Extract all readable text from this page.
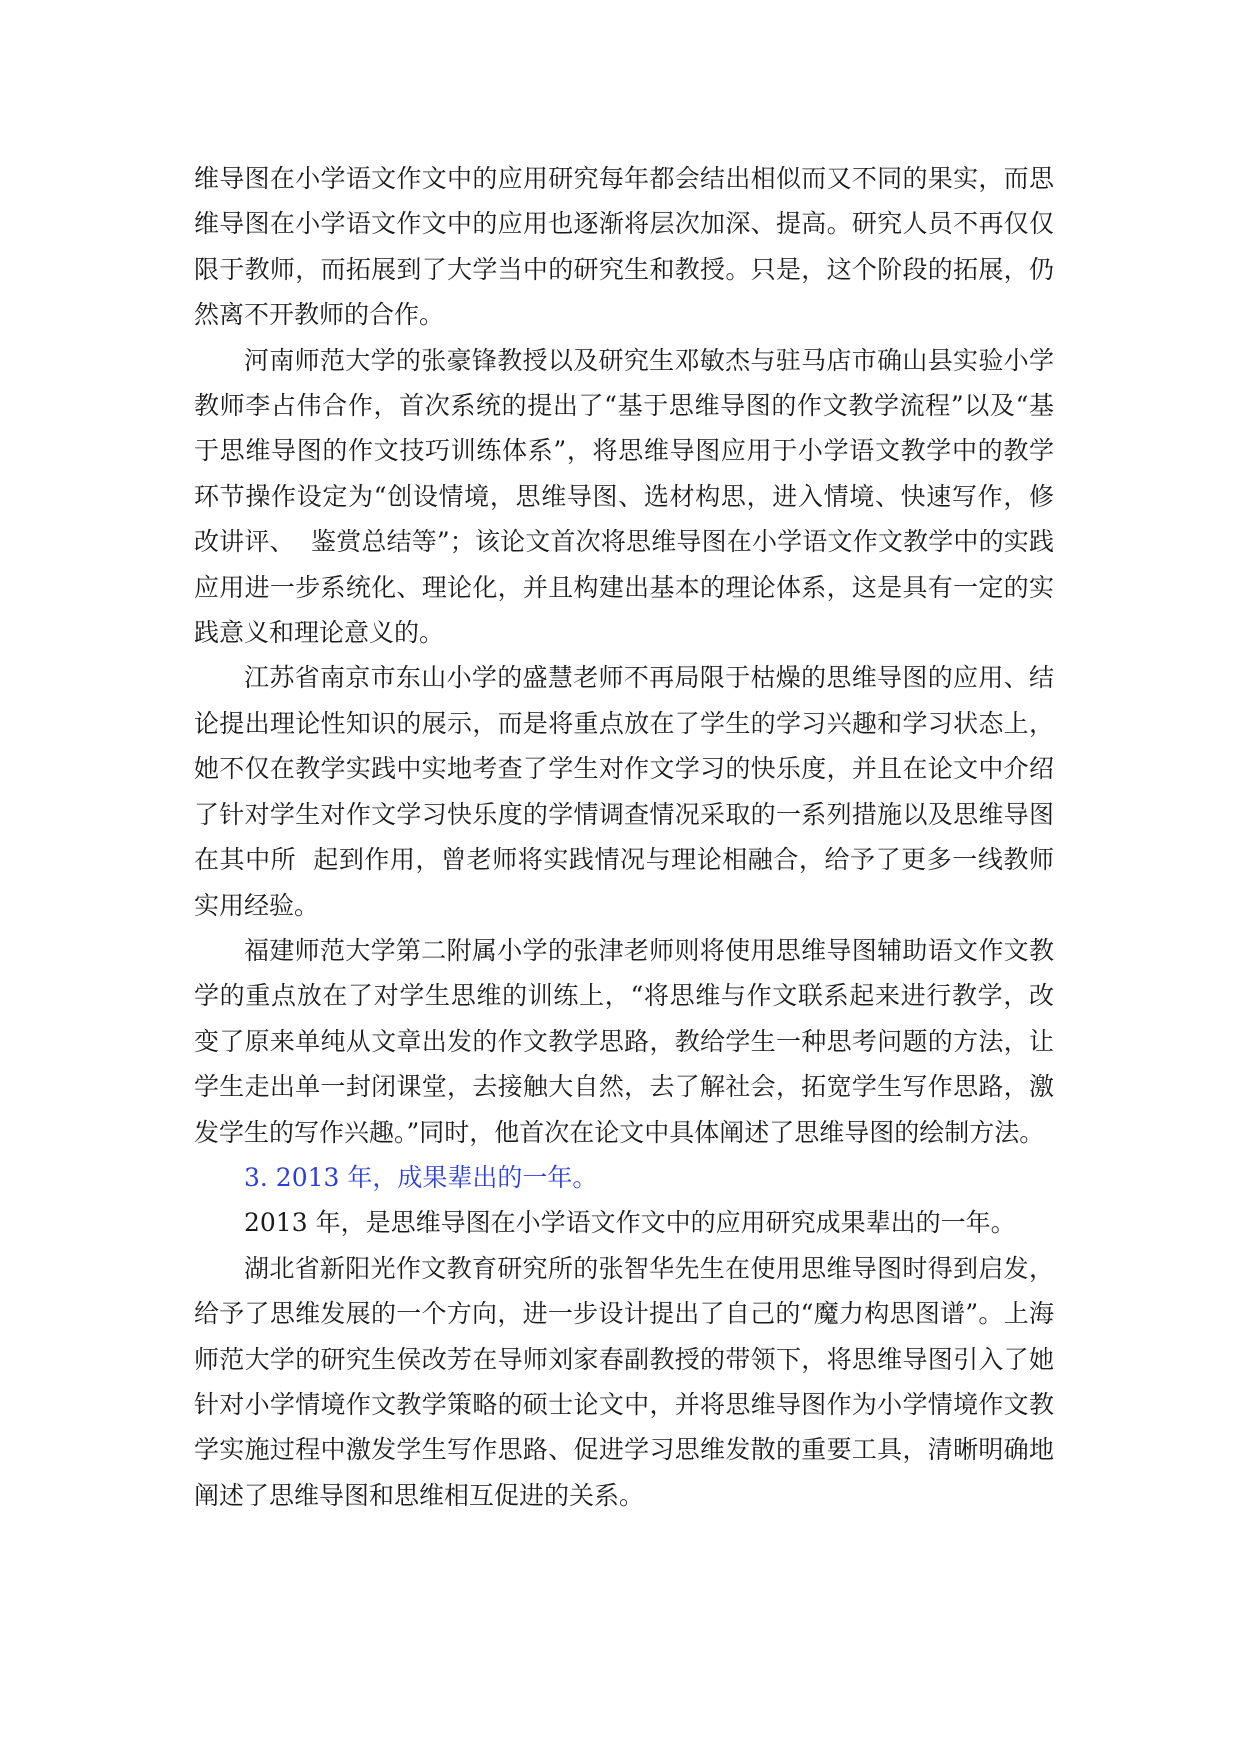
维导图在小学语文作文中的应用研究每年都会结出相似而又不同的果实，而思维导图在小学语文作文中的应用也逐渐将层次加深、提高。研究人员不再仅仅限于教师，而拓展到了大学当中的研究生和教授。只是，这个阶段的拓展，仍然离不开教师的合作。

河南师范大学的张豪锋教授以及研究生邓敏杰与驻马店市确山县实验小学教师李占伟合作，首次系统的提出了“基于思维导图的作文教学流程”以及“基于思维导图的作文技巧训练体系”，将思维导图应用于小学语文教学中的教学环节操作设定为“创设情境，思维导图、选材构思，进入情境、快速写作，修改讲评、  鉴赏总结等”；该论文首次将思维导图在小学语文作文教学中的实践应用进一步系统化、理论化，并且构建出基本的理论体系，这是具有一定的实践意义和理论意义的。

江苏省南京市东山小学的盛慧老师不再局限于枯燥的思维导图的应用、结论提出理论性知识的展示，而是将重点放在了学生的学习兴趣和学习状态上，她不仅在教学实践中实地考查了学生对作文学习的快乐度，并且在论文中介绍了针对学生对作文学习快乐度的学情调查情况采取的一系列措施以及思维导图在其中所  起到作用，曾老师将实践情况与理论相融合，给予了更多一线教师实用经验。

福建师范大学第二附属小学的张津老师则将使用思维导图辅助语文作文教学的重点放在了对学生思维的训练上，“将思维与作文联系起来进行教学，改变了原来单纯从文章出发的作文教学思路，教给学生一种思考问题的方法，让学生走出单一封闭课堂，去接触大自然，去了解社会，拓宽学生写作思路，激发学生的写作兴趣。”同时，他首次在论文中具体阐述了思维导图的绘制方法。

3. 2013 年，成果辈出的一年。

2013 年，是思维导图在小学语文作文中的应用研究成果辈出的一年。

湖北省新阳光作文教育研究所的张智华先生在使用思维导图时得到启发，给予了思维发展的一个方向，进一步设计提出了自己的“魔力构思图谱”。上海师范大学的研究生侯改芳在导师刘家春副教授的带领下，将思维导图引入了她针对小学情境作文教学策略的硕士论文中，并将思维导图作为小学情境作文教学实施过程中激发学生写作思路、促进学习思维发散的重要工具，清晰明确地阐述了思维导图和思维相互促进的关系。
